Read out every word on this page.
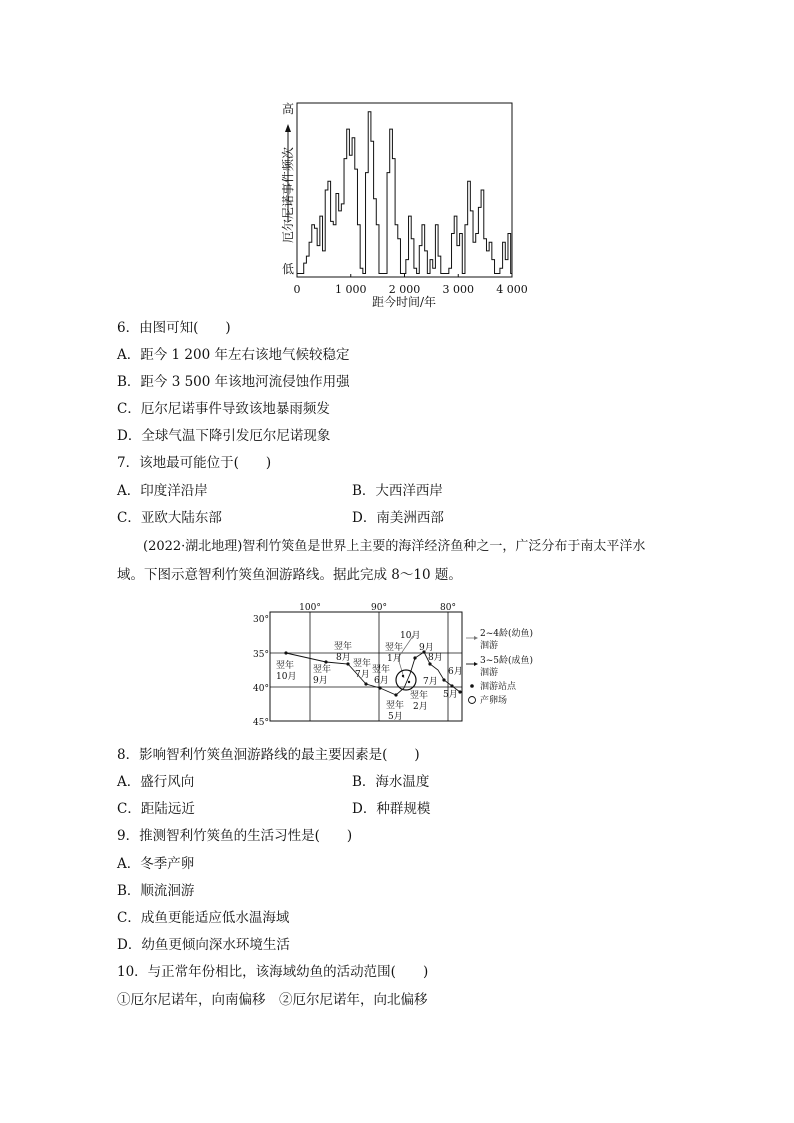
高
低
厄尔尼诺事件频次
0	1 000 2 000 3 000 4 000
距今时间/年
6．由图可知(　　)
A．距今 1 200 年左右该地气候较稳定
B．距今 3 500 年该地河流侵蚀作用强
C．厄尔尼诺事件导致该地暴雨频发
D．全球气温下降引发厄尔尼诺现象
7．该地最可能位于(　　)
A．印度洋沿岸	B．大西洋西岸
C．亚欧大陆东部	D．南美洲西部
(2022·湖北地理)智利竹筴鱼是世界上主要的海洋经济鱼种之一，广泛分布于南太平洋水
域。下图示意智利竹筴鱼洄游路线。据此完成 8～10 题。
100°	90°	80°
30°
35°
40°
45°
翌年
10月
翌年
9月
翌年
8月
翌年
7月 翌年
6月
翌年
5月
翌年
1月
10月
9月
8月
7月
6月
5月
翌年
2月
2~4龄(幼鱼)
洄游
3~5龄(成鱼)
洄游
洄游站点
产卵场
8．影响智利竹筴鱼洄游路线的最主要因素是(　　)
A．盛行风向	B．海水温度
C．距陆远近	D．种群规模
9．推测智利竹筴鱼的生活习性是(　　)
A．冬季产卵
B．顺流洄游
C．成鱼更能适应低水温海域
D．幼鱼更倾向深水环境生活
10．与正常年份相比，该海域幼鱼的活动范围(　　)
①厄尔尼诺年，向南偏移　②厄尔尼诺年，向北偏移
